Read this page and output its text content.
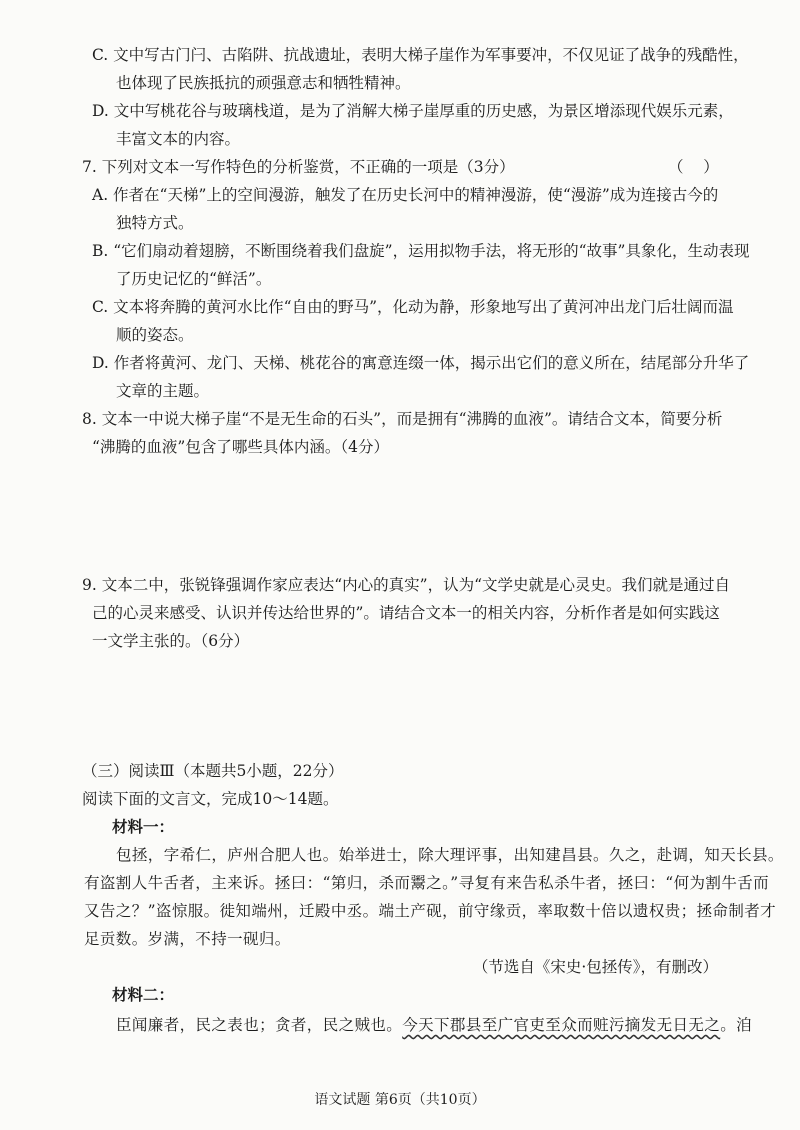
C. 文中写古门闩、古陷阱、抗战遗址，表明大梯子崖作为军事要冲，不仅见证了战争的残酷性，
也体现了民族抵抗的顽强意志和牺牲精神。
D. 文中写桃花谷与玻璃栈道，是为了消解大梯子崖厚重的历史感，为景区增添现代娱乐元素，
丰富文本的内容。
7. 下列对文本一写作特色的分析鉴赏，不正确的一项是（3分）	（    ）
A. 作者在“天梯”上的空间漫游，触发了在历史长河中的精神漫游，使“漫游”成为连接古今的
独特方式。
B. “它们扇动着翅膀，不断围绕着我们盘旋”，运用拟物手法，将无形的“故事”具象化，生动表现
了历史记忆的“鲜活”。
C. 文本将奔腾的黄河水比作“自由的野马”，化动为静，形象地写出了黄河冲出龙门后壮阔而温
顺的姿态。
D. 作者将黄河、龙门、天梯、桃花谷的寓意连缀一体，揭示出它们的意义所在，结尾部分升华了
文章的主题。
8. 文本一中说大梯子崖“不是无生命的石头”，而是拥有“沸腾的血液”。请结合文本，简要分析
“沸腾的血液”包含了哪些具体内涵。（4分）
9. 文本二中，张锐锋强调作家应表达“内心的真实”，认为“文学史就是心灵史。我们就是通过自
己的心灵来感受、认识并传达给世界的”。请结合文本一的相关内容，分析作者是如何实践这
一文学主张的。（6分）
（三）阅读Ⅲ（本题共5小题，22分）
阅读下面的文言文，完成10～14题。
材料一：
包拯，字希仁，庐州合肥人也。始举进士，除大理评事，出知建昌县。久之，赴调，知天长县。
有盗割人牛舌者，主来诉。拯曰：“第归，杀而鬻之。”寻复有来告私杀牛者，拯曰：“何为割牛舌而
又告之？”盗惊服。徙知端州，迁殿中丞。端土产砚，前守缘贡，率取数十倍以遗权贵；拯命制者才
足贡数。岁满，不持一砚归。
（节选自《宋史·包拯传》，有删改）
材料二：
臣闻廉者，民之表也；贪者，民之贼也。今天下郡县至广官吏至众而赃污摘发无日无之。洎
语文试题 第6页（共10页）
